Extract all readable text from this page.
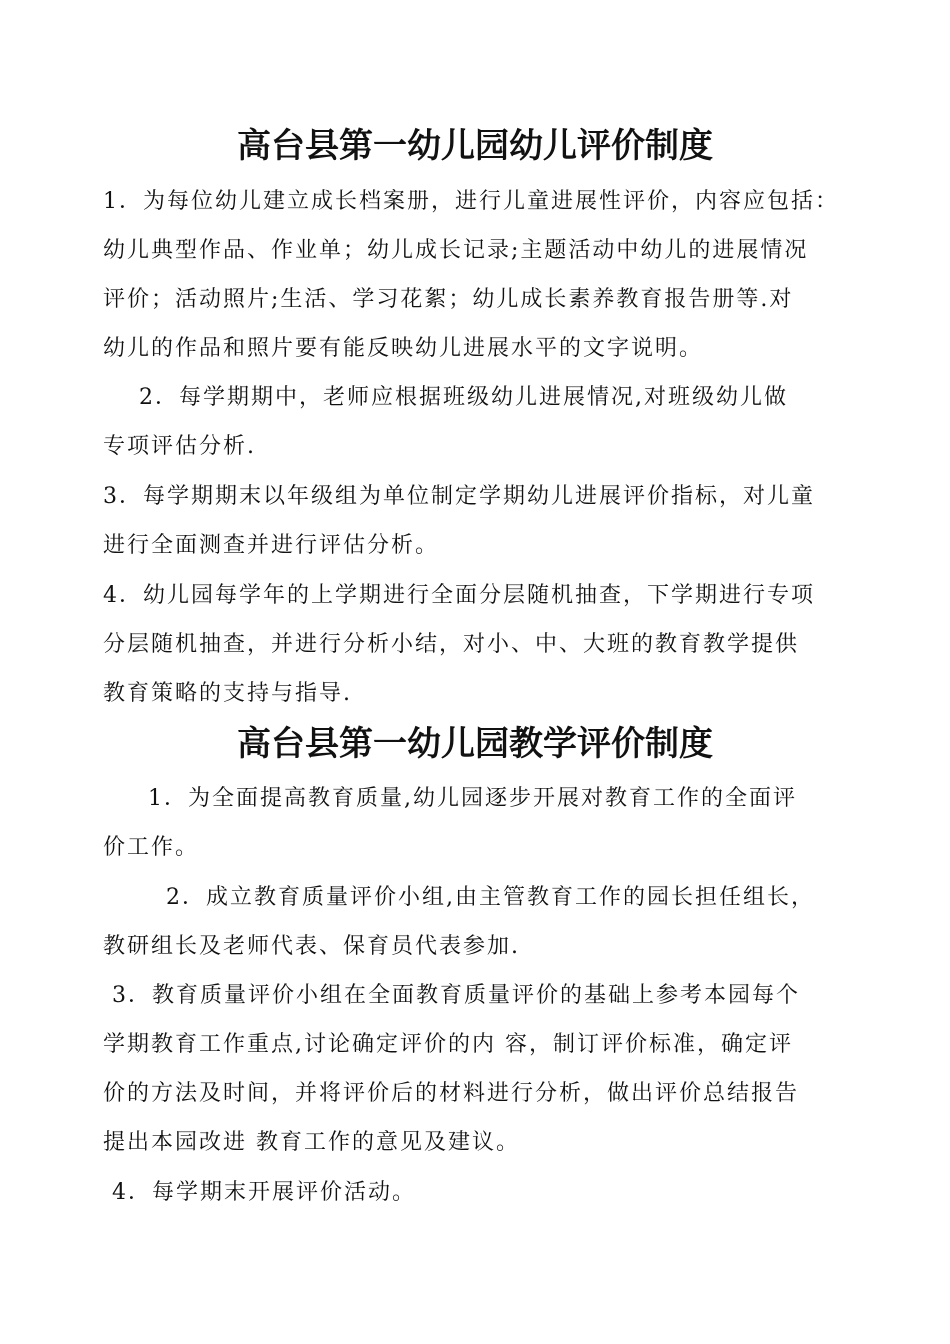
高台县第一幼儿园幼儿评价制度
1．为每位幼儿建立成长档案册，进行儿童进展性评价，内容应包括：
幼儿典型作品、作业单；幼儿成长记录;主题活动中幼儿的进展情况
评价；活动照片;生活、学习花絮；幼儿成长素养教育报告册等.对
幼儿的作品和照片要有能反映幼儿进展水平的文字说明。
2．每学期期中，老师应根据班级幼儿进展情况,对班级幼儿做
专项评估分析.
3．每学期期末以年级组为单位制定学期幼儿进展评价指标，对儿童
进行全面测查并进行评估分析。
4．幼儿园每学年的上学期进行全面分层随机抽查，下学期进行专项
分层随机抽查，并进行分析小结，对小、中、大班的教育教学提供
教育策略的支持与指导.
高台县第一幼儿园教学评价制度
1．为全面提高教育质量,幼儿园逐步开展对教育工作的全面评
价工作。
2．成立教育质量评价小组,由主管教育工作的园长担任组长，
教研组长及老师代表、保育员代表参加.
3．教育质量评价小组在全面教育质量评价的基础上参考本园每个
学期教育工作重点,讨论确定评价的内 容，制订评价标准，确定评
价的方法及时间，并将评价后的材料进行分析，做出评价总结报告
提出本园改进 教育工作的意见及建议。
4．每学期末开展评价活动。
